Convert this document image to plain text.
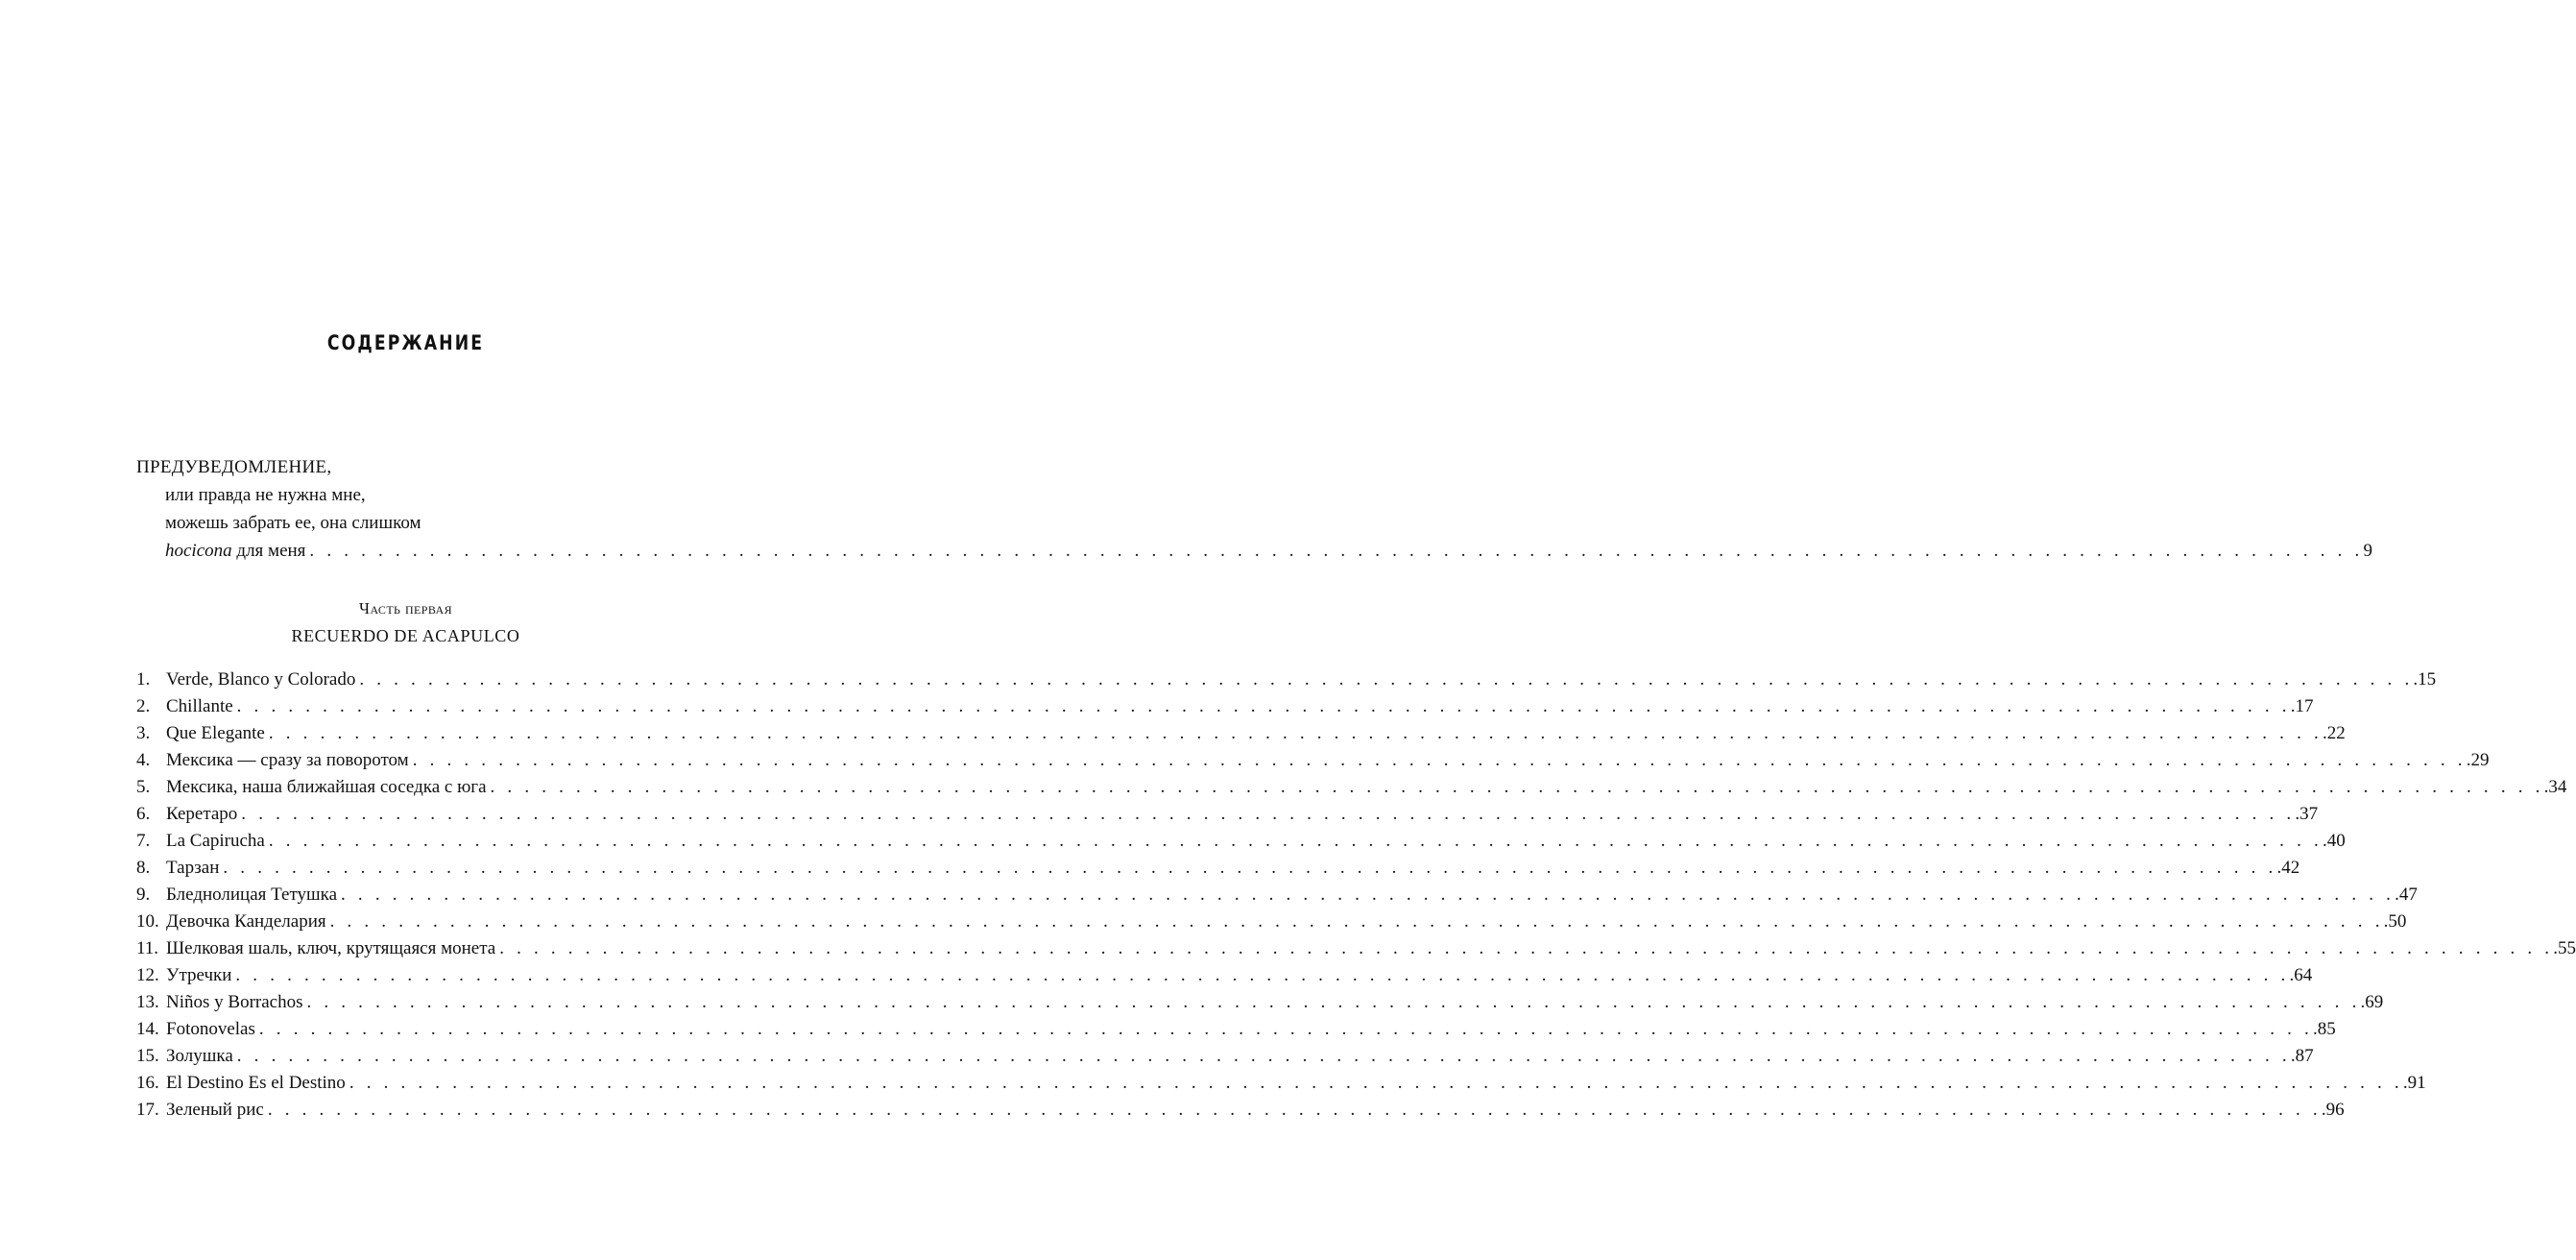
СОДЕРЖАНИЕ
ПРЕДУВЕДОМЛЕНИЕ,
или правда не нужна мне,
можешь забрать ее, она слишком
hocicona для меня . . . . . . . . . . . . . . . . . . . . . . . . . . . . . . . . . . . . . . . . . . . . . . . . . . . . . . . . . . . . . . . . . . . . . . . . . . . . . . . . . . . . . . . . . . . . . . . . . . . . . . . . . . . . . . . . . . . . . . . . 9
Часть первая
RECUERDO DE ACAPULCO
1. Verde, Blanco y Colorado . . . . . . . . . . . . . . . . . . . . . . . . . . . . . . . . . . . . . . . . . . . . . . . . . . . . . . . . . . . . . . . . . . . . . . . . . . . . . . . . . . . . . . . . . . . . . . . . . . . . . . . . . . . . . . . . . . . . . . . . .15
2. Chillante . . . . . . . . . . . . . . . . . . . . . . . . . . . . . . . . . . . . . . . . . . . . . . . . . . . . . . . . . . . . . . . . . . . . . . . . . . . . . . . . . . . . . . . . . . . . . . . . . . . . . . . . . . . . . . . . . . . . . . . . .17
3. Que Elegante . . . . . . . . . . . . . . . . . . . . . . . . . . . . . . . . . . . . . . . . . . . . . . . . . . . . . . . . . . . . . . . . . . . . . . . . . . . . . . . . . . . . . . . . . . . . . . . . . . . . . . . . . . . . . . . . . . . . . . . . .22
4. Мексика — сразу за поворотом . . . . . . . . . . . . . . . . . . . . . . . . . . . . . . . . . . . . . . . . . . . . . . . . . . . . . . . . . . . . . . . . . . . . . . . . . . . . . . . . . . . . . . . . . . . . . . . . . . . . . . . . . . . . . . . . . . . . . . . . .29
5. Мексика, наша ближайшая соседка с юга . . . . . . . . . . . . . . . . . . . . . . . . . . . . . . . . . . . . . . . . . . . . . . . . . . . . . . . . . . . . . . . . . . . . . . . . . . . . . . . . . . . . . . . . . . . . . . . . . . . . . . . . . . . . . . . . . . . . . . . . .34
6. Керетаро . . . . . . . . . . . . . . . . . . . . . . . . . . . . . . . . . . . . . . . . . . . . . . . . . . . . . . . . . . . . . . . . . . . . . . . . . . . . . . . . . . . . . . . . . . . . . . . . . . . . . . . . . . . . . . . . . . . . . . . . .37
7. La Capirucha . . . . . . . . . . . . . . . . . . . . . . . . . . . . . . . . . . . . . . . . . . . . . . . . . . . . . . . . . . . . . . . . . . . . . . . . . . . . . . . . . . . . . . . . . . . . . . . . . . . . . . . . . . . . . . . . . . . . . . . . .40
8. Тарзан . . . . . . . . . . . . . . . . . . . . . . . . . . . . . . . . . . . . . . . . . . . . . . . . . . . . . . . . . . . . . . . . . . . . . . . . . . . . . . . . . . . . . . . . . . . . . . . . . . . . . . . . . . . . . . . . . . . . . . . . .42
9. Бледнолицая Тетушка . . . . . . . . . . . . . . . . . . . . . . . . . . . . . . . . . . . . . . . . . . . . . . . . . . . . . . . . . . . . . . . . . . . . . . . . . . . . . . . . . . . . . . . . . . . . . . . . . . . . . . . . . . . . . . . . . . . . . . . . .47
10. Девочка Канделария . . . . . . . . . . . . . . . . . . . . . . . . . . . . . . . . . . . . . . . . . . . . . . . . . . . . . . . . . . . . . . . . . . . . . . . . . . . . . . . . . . . . . . . . . . . . . . . . . . . . . . . . . . . . . . . . . . . . . . . . .50
11. Шелковая шаль, ключ, крутящаяся монета . . . . . . . . . . . . . . . . . . . . . . . . . . . . . . . . . . . . . . . . . . . . . . . . . . . . . . . . . . . . . . . . . . . . . . . . . . . . . . . . . . . . . . . . . . . . . . . . . . . . . . . . . . . . . . . . . . . . . . . . .55
12. Утречки . . . . . . . . . . . . . . . . . . . . . . . . . . . . . . . . . . . . . . . . . . . . . . . . . . . . . . . . . . . . . . . . . . . . . . . . . . . . . . . . . . . . . . . . . . . . . . . . . . . . . . . . . . . . . . . . . . . . . . . . .64
13. Niños y Borrachos . . . . . . . . . . . . . . . . . . . . . . . . . . . . . . . . . . . . . . . . . . . . . . . . . . . . . . . . . . . . . . . . . . . . . . . . . . . . . . . . . . . . . . . . . . . . . . . . . . . . . . . . . . . . . . . . . . . . . . . . .69
14. Fotonovelas . . . . . . . . . . . . . . . . . . . . . . . . . . . . . . . . . . . . . . . . . . . . . . . . . . . . . . . . . . . . . . . . . . . . . . . . . . . . . . . . . . . . . . . . . . . . . . . . . . . . . . . . . . . . . . . . . . . . . . . . .85
15. Золушка . . . . . . . . . . . . . . . . . . . . . . . . . . . . . . . . . . . . . . . . . . . . . . . . . . . . . . . . . . . . . . . . . . . . . . . . . . . . . . . . . . . . . . . . . . . . . . . . . . . . . . . . . . . . . . . . . . . . . . . . .87
16. El Destino Es el Destino . . . . . . . . . . . . . . . . . . . . . . . . . . . . . . . . . . . . . . . . . . . . . . . . . . . . . . . . . . . . . . . . . . . . . . . . . . . . . . . . . . . . . . . . . . . . . . . . . . . . . . . . . . . . . . . . . . . . . . . . .91
17. Зеленый рис . . . . . . . . . . . . . . . . . . . . . . . . . . . . . . . . . . . . . . . . . . . . . . . . . . . . . . . . . . . . . . . . . . . . . . . . . . . . . . . . . . . . . . . . . . . . . . . . . . . . . . . . . . . . . . . . . . . . . . . . .96
